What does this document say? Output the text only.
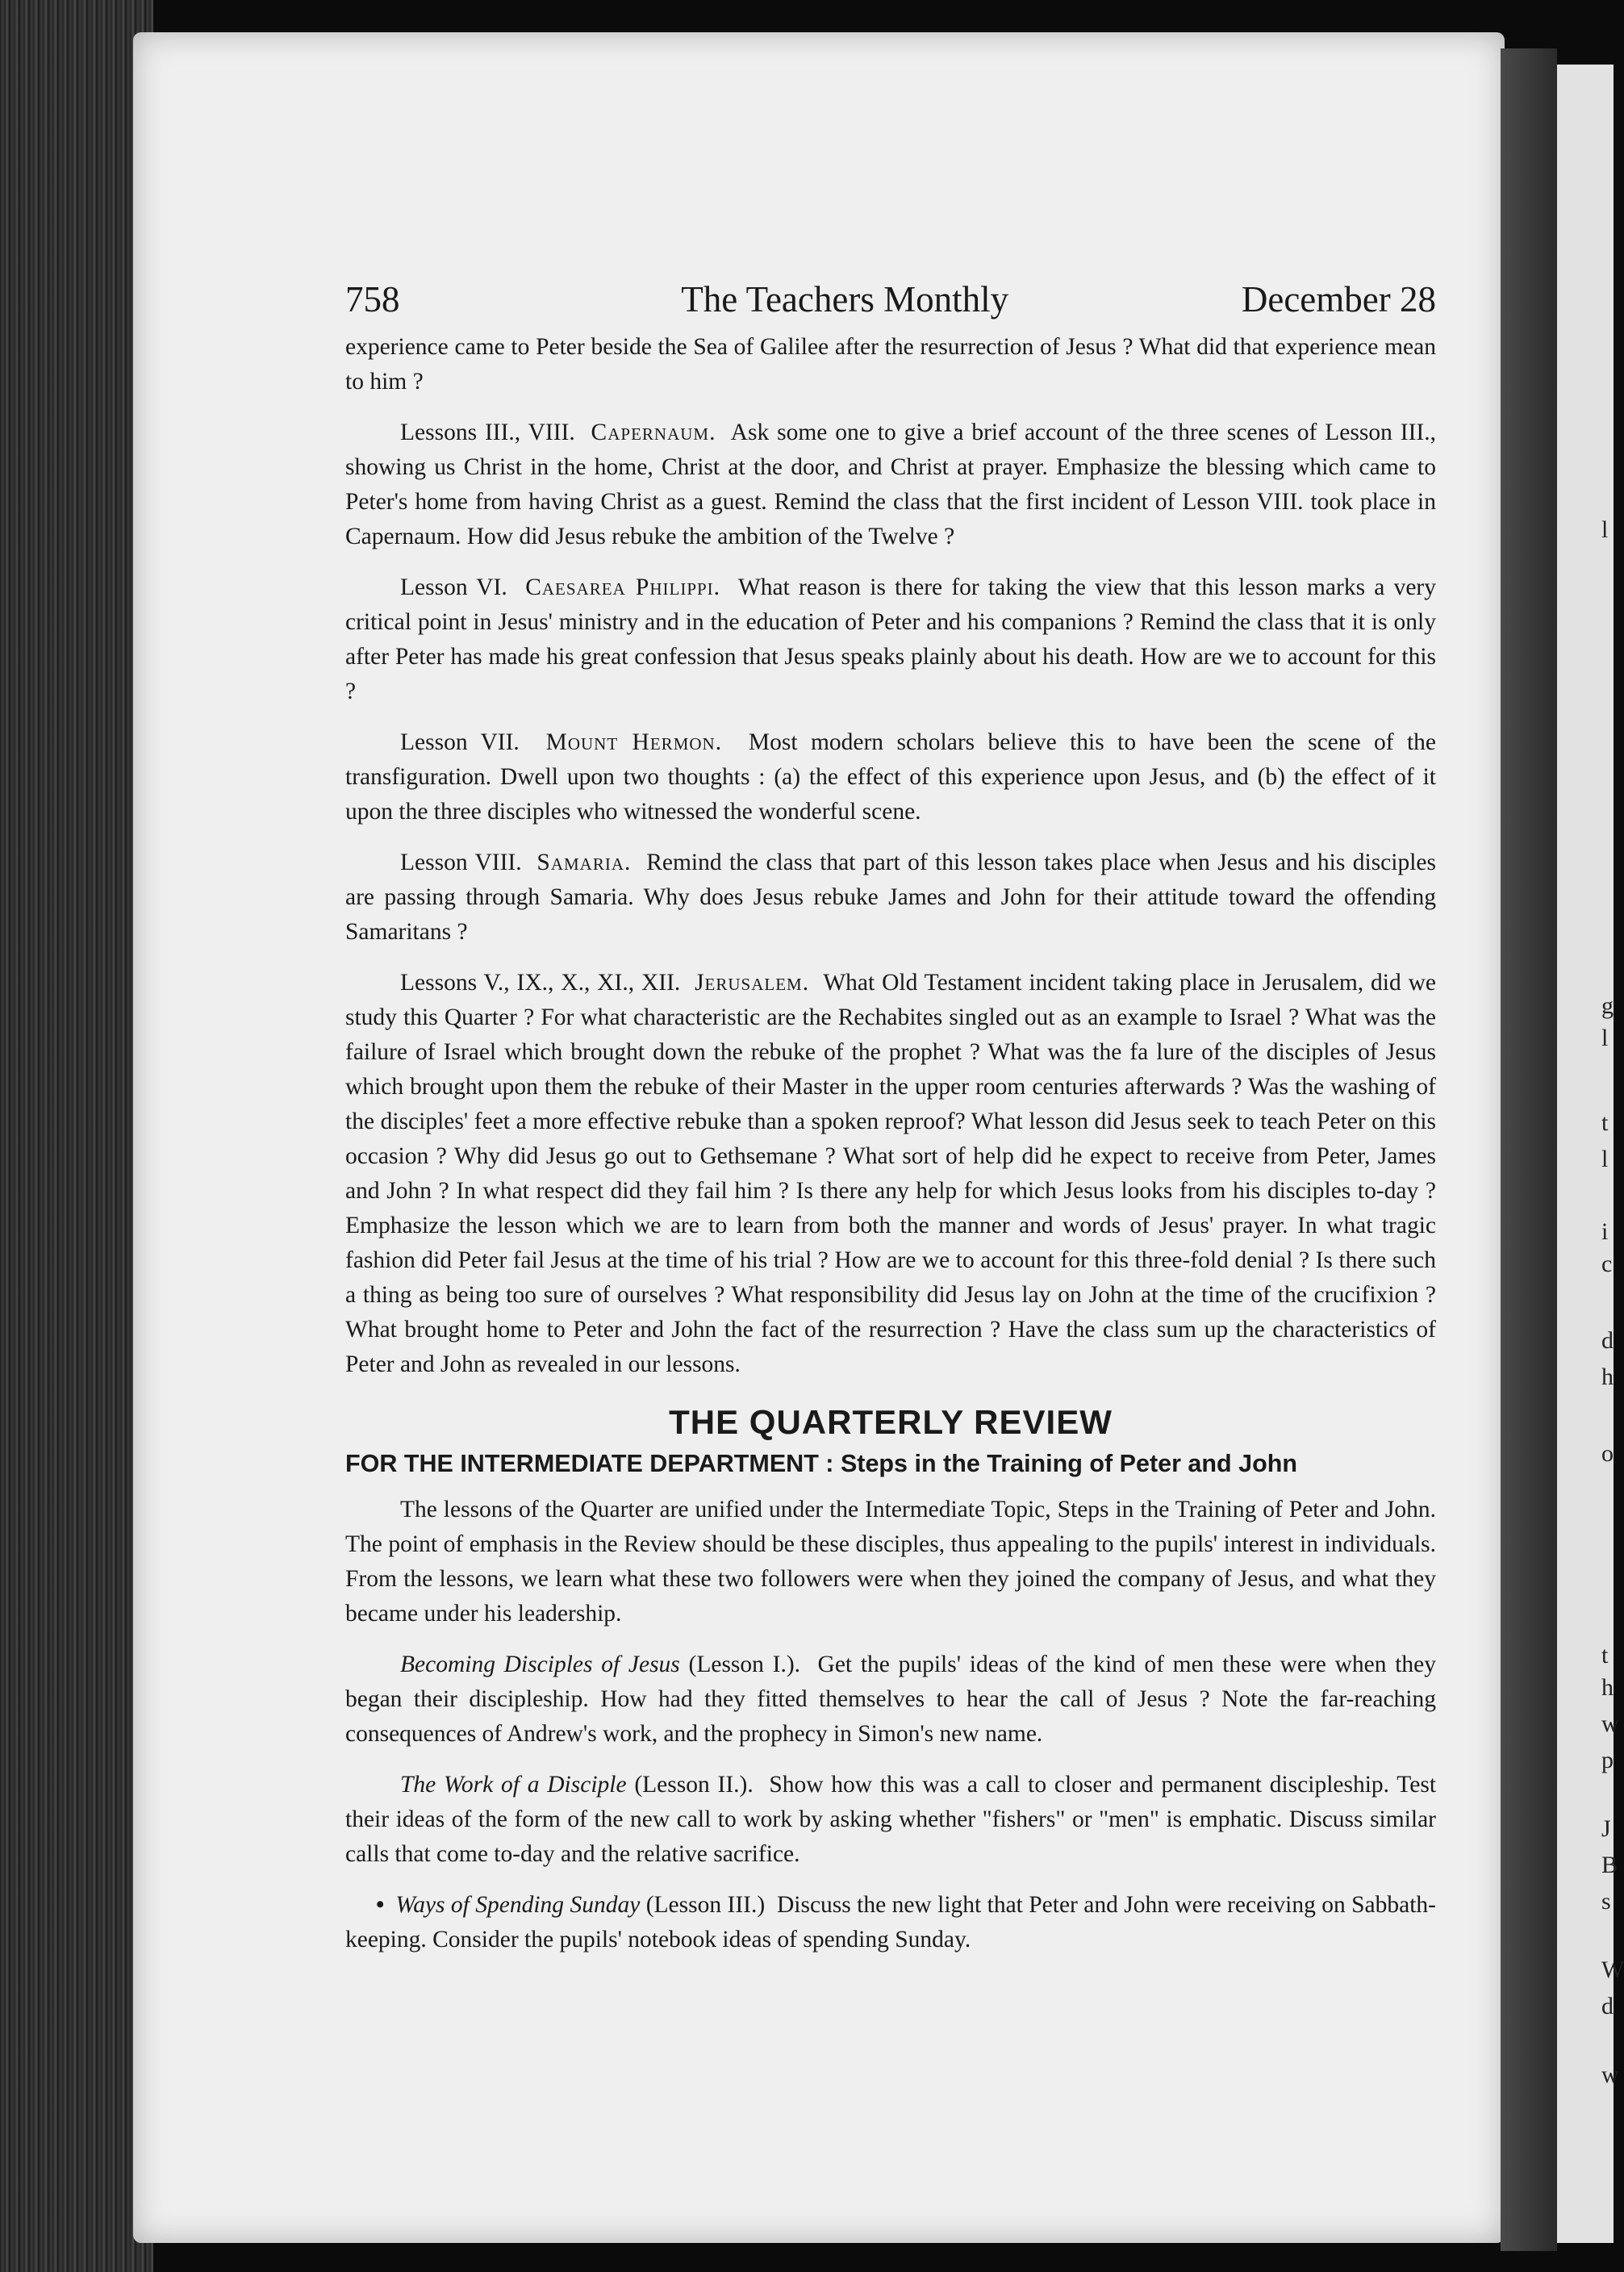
l
g
l
t
l
i
c
d
h
o
t
h
w
p
J
B
s
W
d
w
758	The Teachers Monthly	December 28

experience came to Peter beside the Sea of Galilee after the resurrection of Jesus ? What did that experience mean to him ?

Lessons III., VIII. Capernaum. Ask some one to give a brief account of the three scenes of Lesson III., showing us Christ in the home, Christ at the door, and Christ at prayer. Emphasize the blessing which came to Peter's home from having Christ as a guest. Remind the class that the first incident of Lesson VIII. took place in Capernaum. How did Jesus rebuke the ambition of the Twelve ?

Lesson VI. Caesarea Philippi. What reason is there for taking the view that this lesson marks a very critical point in Jesus' ministry and in the education of Peter and his companions ? Remind the class that it is only after Peter has made his great confession that Jesus speaks plainly about his death. How are we to account for this ?

Lesson VII. Mount Hermon. Most modern scholars believe this to have been the scene of the transfiguration. Dwell upon two thoughts : (a) the effect of this experience upon Jesus, and (b) the effect of it upon the three disciples who witnessed the wonderful scene.

Lesson VIII. Samaria. Remind the class that part of this lesson takes place when Jesus and his disciples are passing through Samaria. Why does Jesus rebuke James and John for their attitude toward the offending Samaritans ?

Lessons V., IX., X., XI., XII. Jerusalem. What Old Testament incident taking place in Jerusalem, did we study this Quarter ? For what characteristic are the Rechabites singled out as an example to Israel ? What was the failure of Israel which brought down the rebuke of the prophet ? What was the fa lure of the disciples of Jesus which brought upon them the rebuke of their Master in the upper room centuries afterwards ? Was the washing of the disciples' feet a more effective rebuke than a spoken reproof? What lesson did Jesus seek to teach Peter on this occasion ? Why did Jesus go out to Gethsemane ? What sort of help did he expect to receive from Peter, James and John ? In what respect did they fail him ? Is there any help for which Jesus looks from his disciples to-day ? Emphasize the lesson which we are to learn from both the manner and words of Jesus' prayer. In what tragic fashion did Peter fail Jesus at the time of his trial ? How are we to account for this three-fold denial ? Is there such a thing as being too sure of ourselves ? What responsibility did Jesus lay on John at the time of the crucifixion ? What brought home to Peter and John the fact of the resurrection ? Have the class sum up the characteristics of Peter and John as revealed in our lessons.

THE QUARTERLY REVIEW
FOR THE INTERMEDIATE DEPARTMENT : Steps in the Training of Peter and John

The lessons of the Quarter are unified under the Intermediate Topic, Steps in the Training of Peter and John. The point of emphasis in the Review should be these disciples, thus appealing to the pupils' interest in individuals. From the lessons, we learn what these two followers were when they joined the company of Jesus, and what they became under his leadership.

Becoming Disciples of Jesus (Lesson I.). Get the pupils' ideas of the kind of men these were when they began their discipleship. How had they fitted themselves to hear the call of Jesus ? Note the far-reaching consequences of Andrew's work, and the prophecy in Simon's new name.

The Work of a Disciple (Lesson II.). Show how this was a call to closer and permanent discipleship. Test their ideas of the form of the new call to work by asking whether "fishers" or "men" is emphatic. Discuss similar calls that come to-day and the relative sacrifice.

• Ways of Spending Sunday (Lesson III.) Discuss the new light that Peter and John were receiving on Sabbath-keeping. Consider the pupils' notebook ideas of spending Sunday.
